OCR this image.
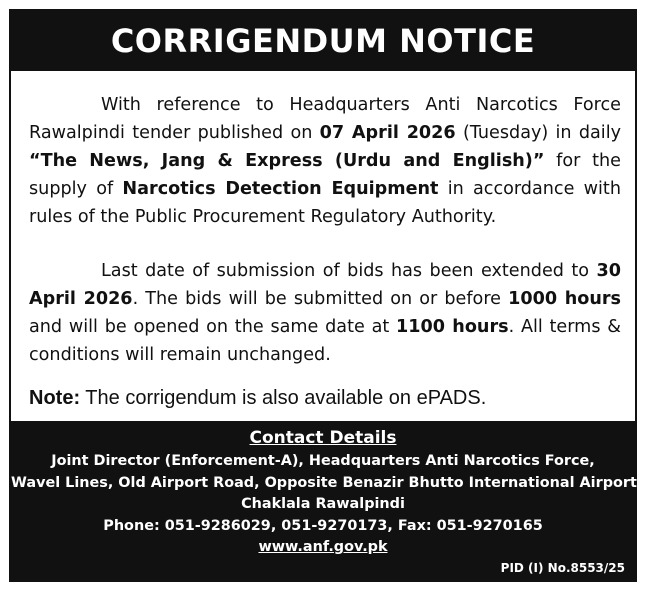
CORRIGENDUM NOTICE

With reference to Headquarters Anti Narcotics Force Rawalpindi tender published on 07 April 2026 (Tuesday) in daily “The News, Jang & Express (Urdu and English)” for the supply of Narcotics Detection Equipment in accordance with rules of the Public Procurement Regulatory Authority.

Last date of submission of bids has been extended to 30 April 2026. The bids will be submitted on or before 1000 hours and will be opened on the same date at 1100 hours. All terms & conditions will remain unchanged.

Note: The corrigendum is also available on ePADS.
Contact Details
Joint Director (Enforcement-A), Headquarters Anti Narcotics Force,
Wavel Lines, Old Airport Road, Opposite Benazir Bhutto International Airport,
Chaklala Rawalpindi
Phone: 051-9286029, 051-9270173, Fax: 051-9270165
www.anf.gov.pk
PID (I) No.8553/25
